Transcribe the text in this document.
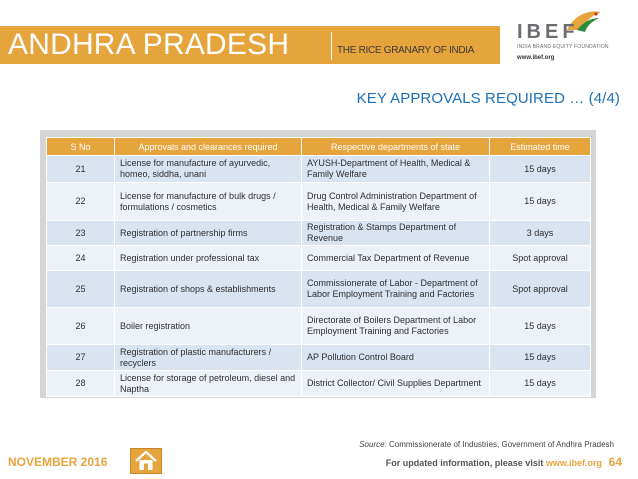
ANDHRA PRADESH	THE RICE GRANARY OF INDIA
IBEF
INDIA BRAND EQUITY FOUNDATION
www.ibef.org
KEY APPROVALS REQUIRED … (4/4)
S No	Approvals and clearances required	Respective departments of state	Estimated time
21	License for manufacture of ayurvedic, homeo, siddha, unani	AYUSH-Department of Health, Medical & Family Welfare	15 days
22	License for manufacture of bulk drugs / formulations / cosmetics	Drug Control Administration Department of Health, Medical & Family Welfare	15 days
23	Registration of partnership firms	Registration & Stamps Department of Revenue	3 days
24	Registration under professional tax	Commercial Tax Department of Revenue	Spot approval
25	Registration of shops & establishments	Commissionerate of Labor - Department of Labor Employment Training and Factories	Spot approval
26	Boiler registration	Directorate of Boilers Department of Labor Employment Training and Factories	15 days
27	Registration of plastic manufacturers / recyclers	AP Pollution Control Board	15 days
28	License for storage of petroleum, diesel and Naptha	District Collector/ Civil Supplies Department	15 days
Source: Commissionerate of Industries, Government of Andhra Pradesh
NOVEMBER 2016	For updated information, please visit www.ibef.org 64
